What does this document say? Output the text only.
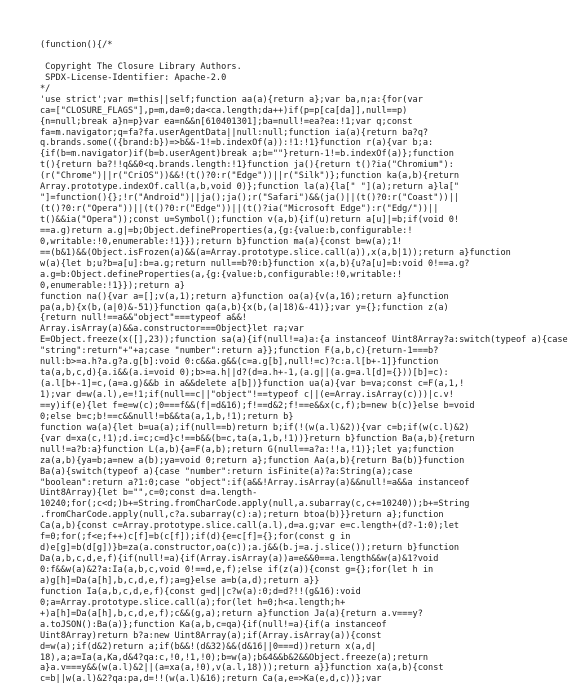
(function(){/*
Copyright The Closure Library Authors.
SPDX-License-Identifier: Apache-2.0
*/
'use strict';var m=this||self;function aa(a){return a};var ba,n;a:{for(var
ca=["CLOSURE_FLAGS"],p=m,da=0;da<ca.length;da++)if(p=p[ca[da]],null==p)
{n=null;break a}n=p}var ea=n&&n[610401301];ba=null!=ea?ea:!1;var q;const
fa=m.navigator;q=fa?fa.userAgentData||null:null;function ia(a){return ba?q?
q.brands.some(({brand:b})=>b&&-1!=b.indexOf(a)):!1:!1}function r(a){var b;a:
{if(b=m.navigator)if(b=b.userAgent)break a;b=""}return-1!=b.indexOf(a)};function
t(){return ba?!!q&&0<q.brands.length:!1}function ja(){return t()?ia("Chromium"):
(r("Chrome")||r("CriOS"))&&!(t()?0:r("Edge"))||r("Silk")};function ka(a,b){return
Array.prototype.indexOf.call(a,b,void 0)};function la(a){la[" "](a);return a}la["
"]=function(){};!r("Android")||ja();ja();r("Safari")&&(ja()||(t()?0:r("Coast"))||
(t()?0:r("Opera"))||(t()?0:r("Edge"))||(t()?ia("Microsoft Edge"):r("Edg/"))||
t()&&ia("Opera"));const u=Symbol();function v(a,b){if(u)return a[u]|=b;if(void 0!
==a.g)return a.g|=b;Object.defineProperties(a,{g:{value:b,configurable:!
0,writable:!0,enumerable:!1}});return b}function ma(a){const b=w(a);1!
==(b&1)&&(Object.isFrozen(a)&&(a=Array.prototype.slice.call(a)),x(a,b|1));return a}function
w(a){let b;u?b=a[u]:b=a.g;return null==b?0:b}function x(a,b){u?a[u]=b:void 0!==a.g?
a.g=b:Object.defineProperties(a,{g:{value:b,configurable:!0,writable:!
0,enumerable:!1}});return a}
function na(){var a=[];v(a,1);return a}function oa(a){v(a,16);return a}function
pa(a,b){x(b,(a|0)&-51)}function qa(a,b){x(b,(a|18)&-41)};var y={};function z(a)
{return null!==a&&"object"===typeof a&&!
Array.isArray(a)&&a.constructor===Object}let ra;var
E=Object.freeze(x([],23));function sa(a){if(null!=a)a:{a instanceof Uint8Array?a:switch(typeof a){case
"string":return"+"+a;case "number":return a}};function F(a,b,c){return-1===b?
null:b>=a.h?a.g?a.g[b]:void 0:c&&a.g&&(c=a.g[b],null!=c)?c:a.l[b+-1]}function
ta(a,b,c,d){a.i&&(a.i=void 0);b>=a.h||d?(d=a.h+-1,(a.g||(a.g=a.l[d]={}))[b]=c):
(a.l[b+-1]=c,(a=a.g)&&b in a&&delete a[b])}function ua(a){var b=va;const c=F(a,1,!
1);var d=w(a.l),e=!1;if(null==c||"object"!==typeof c||(e=Array.isArray(c)))|c.v!
==y)if(e){let f=e=w(c);0===f&&(f|=d&16);f!==d&2;f!==e&&x(c,f);b=new b(c)}else b=void
0;else b=c;b!==c&&null!=b&&ta(a,1,b,!1);return b}
function wa(a){let b=ua(a);if(null==b)return b;if(!(w(a.l)&2)){var c=b;if(w(c.l)&2)
{var d=xa(c,!1);d.i=c;c=d}c!==b&&(b=c,ta(a,1,b,!1))}return b}function Ba(a,b){return
null!=a?b:a}function L(a,b){a=F(a,b);return G(null==a?a:!!a,!1)};let ya;function
za(a,b){ya=b;a=new a(b);ya=void 0;return a};function Aa(a,b){return Ba(b)}function
Ba(a){switch(typeof a){case "number":return isFinite(a)?a:String(a);case
"boolean":return a?1:0;case "object":if(a&&!Array.isArray(a)&&null!=a&&a instanceof
Uint8Array){let b="",c=0;const d=a.length-
10240;for(;c<d;)b+=String.fromCharCode.apply(null,a.subarray(c,c+=10240));b+=String
.fromCharCode.apply(null,c?a.subarray(c):a);return btoa(b)}}return a};function
Ca(a,b){const c=Array.prototype.slice.call(a.l),d=a.g;var e=c.length+(d?-1:0);let
f=0;for(;f<e;f++)c[f]=b(c[f]);if(d){e=c[f]={};for(const g in
d)e[g]=b(d[g])}b=za(a.constructor,oa(c));a.j&&(b.j=a.j.slice());return b}function
Da(a,b,c,d,e,f){if(null!=a){if(Array.isArray(a))a=e&&0==a.length&&w(a)&1?void
0:f&&w(a)&2?a:Ia(a,b,c,void 0!==d,e,f);else if(z(a)){const g={};for(let h in
a)g[h]=Da(a[h],b,c,d,e,f);a=g}else a=b(a,d);return a}}
function Ia(a,b,c,d,e,f){const g=d||c?w(a):0;d=d?!!(g&16):void
0;a=Array.prototype.slice.call(a);for(let h=0;h<a.length;h+
+)a[h]=Da(a[h],b,c,d,e,f);c&&(g,a);return a}function Ja(a){return a.v===y?
a.toJSON():Ba(a)};function Ka(a,b,c=qa){if(null!=a){if(a instanceof
Uint8Array)return b?a:new Uint8Array(a);if(Array.isArray(a)){const
d=w(a);if(d&2)return a;if(b&&!(d&32)&&(d&16||0===d))return x(a,d|
18),a;a=Ia(a,Ka,d&4?qa:c,!0,!1,!0);b=w(a);b&4&&b&2&&Object.freeze(a);return
a}a.v===y&&(w(a.l)&2||(a=xa(a,!0),v(a.l,18)));return a}}function xa(a,b){const
c=b||w(a.l)&2?qa:pa,d=!!(w(a.l)&16);return Ca(a,e=>Ka(e,d,c))};var
